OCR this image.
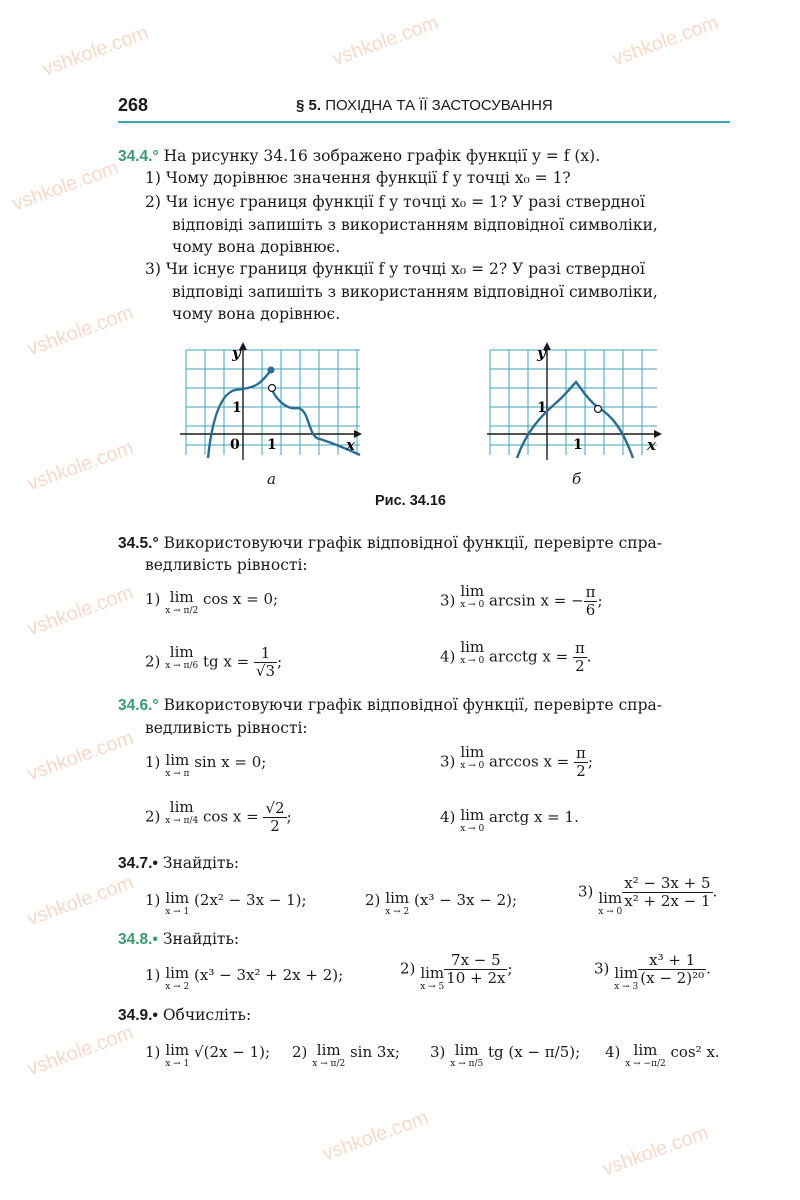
vshkole.com	vshkole.com	vshkole.com
vshkole.com
vshkole.com
vshkole.com
vshkole.com
vshkole.com
vshkole.com
vshkole.com
vshkole.com	vshkole.com
268	§ 5. ПОХІДНА ТА ЇЇ ЗАСТОСУВАННЯ
34.4.° На рисунку 34.16 зображено графік функції y = f (x).
1) Чому дорівнює значення функції f у точці x₀ = 1?
2) Чи існує границя функції f у точці x₀ = 1? У разі ствердної
відповіді запишіть з використанням відповідної символіки,
чому вона дорівнює.
3) Чи існує границя функції f у точці x₀ = 2? У разі ствердної
відповіді запишіть з використанням відповідної символіки,
чому вона дорівнює.
y
x
0 1
1
а
y
x
1
1
б
Рис. 34.16
34.5.° Використовуючи графік відповідної функції, перевірте спра-
ведливість рівності:
1) lim
x → π/2
cos x = 0;	3) lim
x → 0 arcsin x = − $\frac{\pi}{6}$ ;
2) lim
x → π/6 tg $x = \frac{1}{√3}$ ;	4) lim
x → 0 arcctg $x = \frac{\pi}{2}$ .
34.6.° Використовуючи графік відповідної функції, перевірте спра-
ведливість рівності:
1) lim
x → π
sin x = 0;	3) lim
x → 0 $\arccos x = \frac{\pi}{2}$ ;
2) lim
x → π/4 $\cos x = \frac{√2}{2}$ ;	4) lim
x → 0
arctg x = 1.
34.7.• Знайдіть:
1) lim
x → 1
(2x² − 3x − 1);	2) lim
x → 2
(x³ − 3x − 2);	3) lim
x → 0
$\frac{\text{x² − 3x + 5}}{\text{x² + 2x − 1}}$ .
34.8.• Знайдіть:
1) lim
x → 2
(x³ − 3x² + 2x + 2);	2) lim
$x \to 5 \frac{7x - 5}{10 + 2x}$ ;	3) lim
$x \to 3 \frac{\text{x³ + 1}}{\text{(x − 2)²⁰}}$ .
34.9.• Обчисліть:
1) lim
x → 1
√(2x − 1); 2) lim
x → π/2
sin 3x; 3) lim
x → π/5
tg (x − π/5); 4) lim
x → −π/2
cos² x.
